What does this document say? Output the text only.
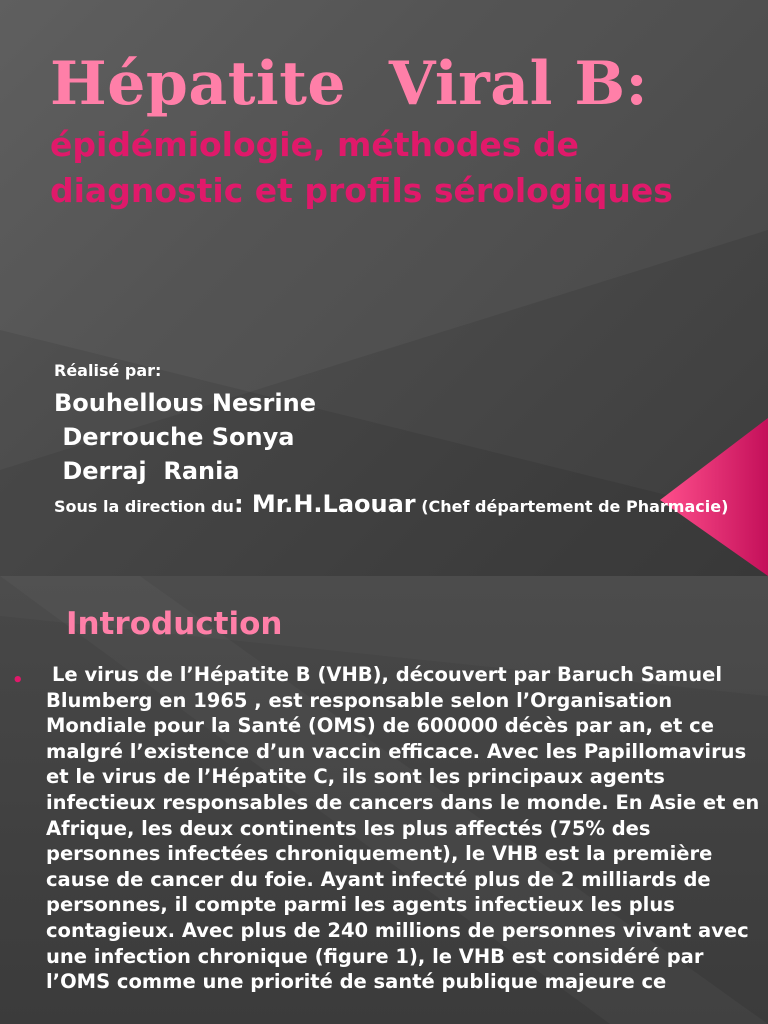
Hépatite  Viral B:
épidémiologie, méthodes de diagnostic et profils sérologiques
Réalisé par:
Bouhellous Nesrine
Derrouche Sonya
Derraj  Rania
Sous la direction du: Mr.H.Laouar (Chef département de Pharmacie)
Introduction
•	Le virus de l’Hépatite B (VHB), découvert par Baruch Samuel Blumberg en 1965 , est responsable selon l’Organisation Mondiale pour la Santé (OMS) de 600000 décès par an, et ce malgré l’existence d’un vaccin efficace. Avec les Papillomavirus et le virus de l’Hépatite C, ils sont les principaux agents infectieux responsables de cancers dans le monde. En Asie et en Afrique, les deux continents les plus affectés (75% des personnes infectées chroniquement), le VHB est la première cause de cancer du foie. Ayant infecté plus de 2 milliards de personnes, il compte parmi les agents infectieux les plus contagieux. Avec plus de 240 millions de personnes vivant avec une infection chronique (figure 1), le VHB est considéré par l’OMS comme une priorité de santé publique majeure ce
